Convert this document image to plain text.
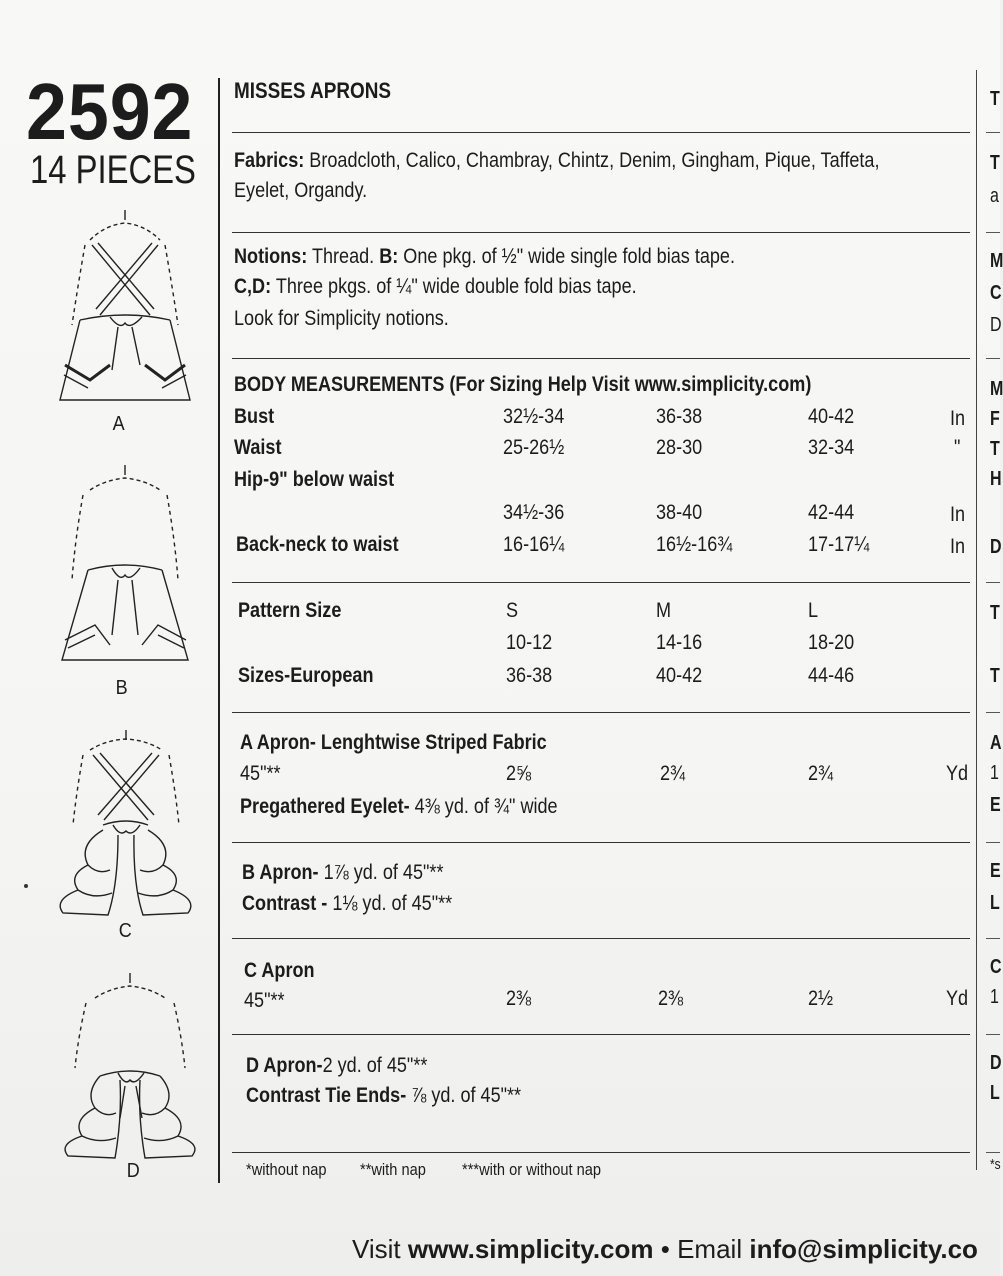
2592
14 PIECES
A
B
C
D
MISSES APRONS
Fabrics: Broadcloth, Calico, Chambray, Chintz, Denim, Gingham, Pique, Taffeta,
Eyelet, Organdy.
Notions: Thread. B: One pkg. of ½" wide single fold bias tape.
C,D: Three pkgs. of ¼" wide double fold bias tape.
Look for Simplicity notions.
BODY MEASUREMENTS (For Sizing Help Visit www.simplicity.com)
Bust	32½-34	36-38	40-42	In
Waist	25-26½	28-30	32-34	"
Hip-9" below waist
34½-36	38-40	42-44	In
Back-neck to waist	16-16¼	16½-16¾	17-17¼	In
Pattern Size	S	M	L
10-12	14-16	18-20
Sizes-European	36-38	40-42	44-46
A Apron- Lenghtwise Striped Fabric
45"**	2⅝	2¾	2¾	Yd
Pregathered Eyelet- 4⅜ yd. of ¾" wide
B Apron- 1⅞ yd. of 45"**
Contrast - 1⅛ yd. of 45"**
C Apron
45"**	2⅜	2⅜	2½	Yd
D Apron-2 yd. of 45"**
Contrast Tie Ends- ⅞ yd. of 45"**
*without nap **with nap ***with or without nap
T
T
a
M
C
D
M
F
T
H
D
T
T
A
1
E
E
L
C
1
D
L
*s
Visit www.simplicity.com • Email info@simplicity.co
